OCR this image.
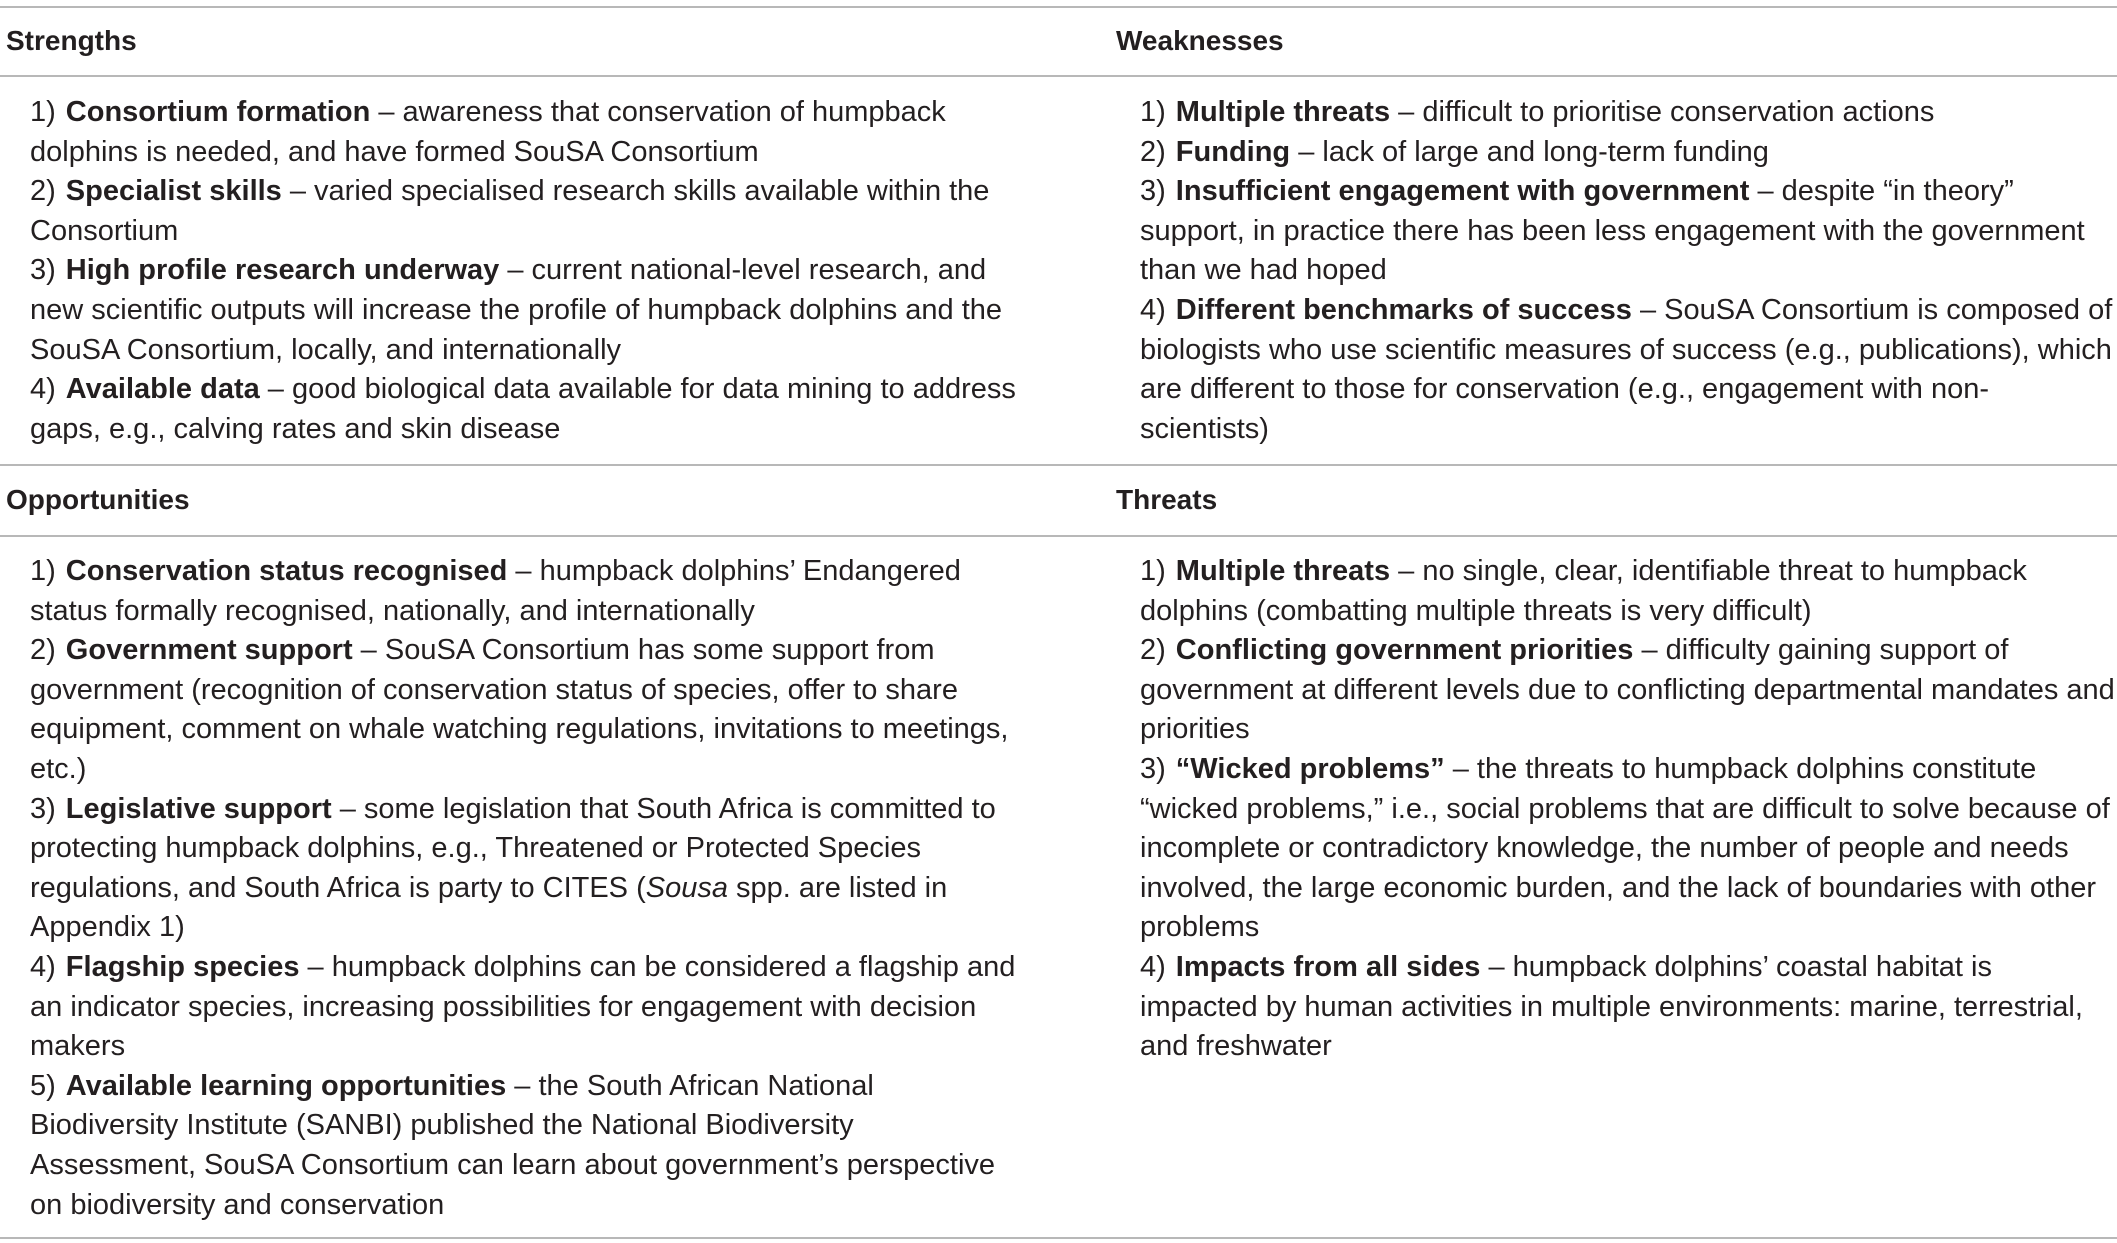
Strengths	Weaknesses
Opportunities	Threats

1) Consortium formation – awareness that conservation of humpback dolphins is needed, and have formed SouSA Consortium

2) Specialist skills – varied specialised research skills available within the Consortium

3) High profile research underway – current national-level research, and new scientific outputs will increase the profile of humpback dolphins and the SouSA Consortium, locally, and internationally

4) Available data – good biological data available for data mining to address gaps, e.g., calving rates and skin disease

1) Multiple threats – difficult to prioritise conservation actions

2) Funding – lack of large and long-term funding

3) Insufficient engagement with government – despite “in theory” support, in practice there has been less engagement with the government than we had hoped

4) Different benchmarks of success – SouSA Consortium is composed of biologists who use scientific measures of success (e.g., publications), which are different to those for conservation (e.g., engagement with non-scientists)

1) Conservation status recognised – humpback dolphins’ Endangered status formally recognised, nationally, and internationally

2) Government support – SouSA Consortium has some support from government (recognition of conservation status of species, offer to share equipment, comment on whale watching regulations, invitations to meetings, etc.)

3) Legislative support – some legislation that South Africa is committed to protecting humpback dolphins, e.g., Threatened or Protected Species regulations, and South Africa is party to CITES (Sousa spp. are listed in Appendix 1)

4) Flagship species – humpback dolphins can be considered a flagship and an indicator species, increasing possibilities for engagement with decision makers

5) Available learning opportunities – the South African National Biodiversity Institute (SANBI) published the National Biodiversity Assessment, SouSA Consortium can learn about government’s perspective on biodiversity and conservation

1) Multiple threats – no single, clear, identifiable threat to humpback dolphins (combatting multiple threats is very difficult)

2) Conflicting government priorities – difficulty gaining support of government at different levels due to conflicting departmental mandates and priorities

3) “Wicked problems” – the threats to humpback dolphins constitute “wicked problems,” i.e., social problems that are difficult to solve because of incomplete or contradictory knowledge, the number of people and needs involved, the large economic burden, and the lack of boundaries with other problems

4) Impacts from all sides – humpback dolphins’ coastal habitat is impacted by human activities in multiple environments: marine, terrestrial, and freshwater
